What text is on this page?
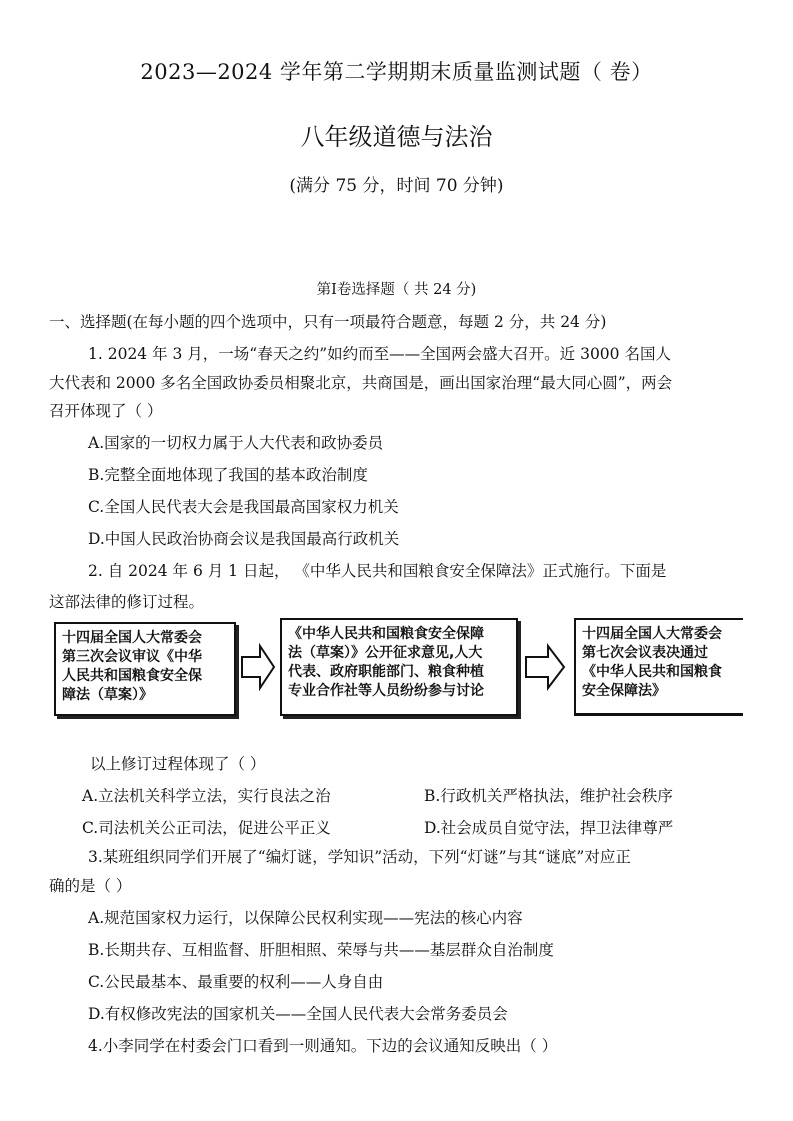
2023—2024 学年第二学期期末质量监测试题（ 卷）
八年级道德与法治
(满分 75 分，时间 70 分钟)
第Ⅰ卷选择题（ 共 24 分)
一、选择题(在每小题的四个选项中，只有一项最符合题意，每题 2 分，共 24 分)
1. 2024 年 3 月，一场“春天之约”如约而至——全国两会盛大召开。近 3000 名国人
大代表和 2000 多名全国政协委员相聚北京，共商国是，画出国家治理“最大同心圆”，两会
召开体现了（ ）
A.国家的一切权力属于人大代表和政协委员
B.完整全面地体现了我国的基本政治制度
C.全国人民代表大会是我国最高国家权力机关
D.中国人民政治协商会议是我国最高行政机关
2. 自 2024 年 6 月 1 日起， 《中华人民共和国粮食安全保障法》正式施行。下面是
这部法律的修订过程。
十四届全国人大常委会
第三次会议审议《中华
人民共和国粮食安全保
障法（草案）》
《中华人民共和国粮食安全保障
法（草案）》公开征求意见,人大
代表、政府职能部门、粮食种植
专业合作社等人员纷纷参与讨论
十四届全国人大常委会
第七次会议表决通过
《中华人民共和国粮食
安全保障法》
以上修订过程体现了（ ）
A.立法机关科学立法，实行良法之治	B.行政机关严格执法，维护社会秩序
C.司法机关公正司法，促进公平正义	D.社会成员自觉守法，捍卫法律尊严
3.某班组织同学们开展了“编灯谜，学知识”活动，下列“灯谜”与其“谜底”对应正
确的是（ ）
A.规范国家权力运行，以保障公民权利实现——宪法的核心内容
B.长期共存、互相监督、肝胆相照、荣辱与共——基层群众自治制度
C.公民最基本、最重要的权利——人身自由
D.有权修改宪法的国家机关——全国人民代表大会常务委员会
4.小李同学在村委会门口看到一则通知。下边的会议通知反映出（ ）
